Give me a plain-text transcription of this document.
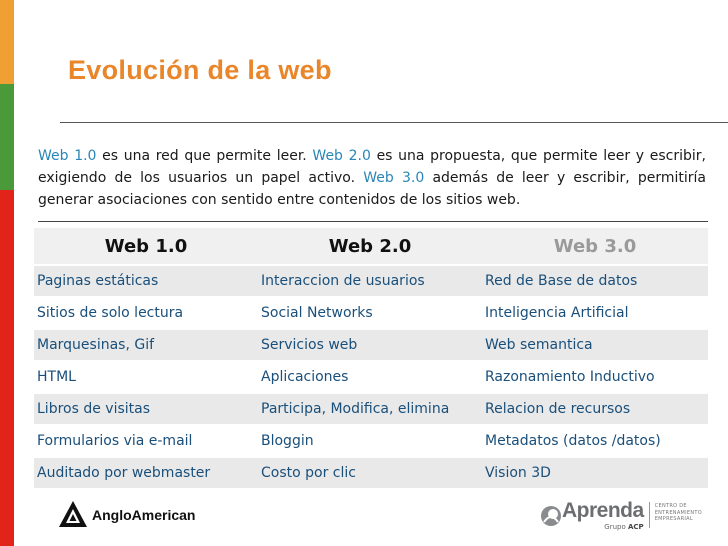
Evolución de la web
Web 1.0 es una red que permite leer. Web 2.0 es una propuesta, que permite leer y escribir, exigiendo de los usuarios un papel activo. Web 3.0 además de leer y escribir, permitiría generar asociaciones con sentido entre contenidos de los sitios web.
Web 1.0	Web 2.0	Web 3.0
Paginas estáticas	Interaccion de usuarios	Red de Base de datos
Sitios de solo lectura	Social Networks	Inteligencia Artificial
Marquesinas, Gif	Servicios web	Web semantica
HTML	Aplicaciones	Razonamiento Inductivo
Libros de visitas	Participa, Modifica, elimina	Relacion de recursos
Formularios via e-mail	Bloggin	Metadatos (datos /datos)
Auditado por webmaster	Costo por clic	Vision 3D
AngloAmerican	Aprenda
Grupo ACP
CENTRO DE
ENTRENAMIENTO
EMPRESARIAL
